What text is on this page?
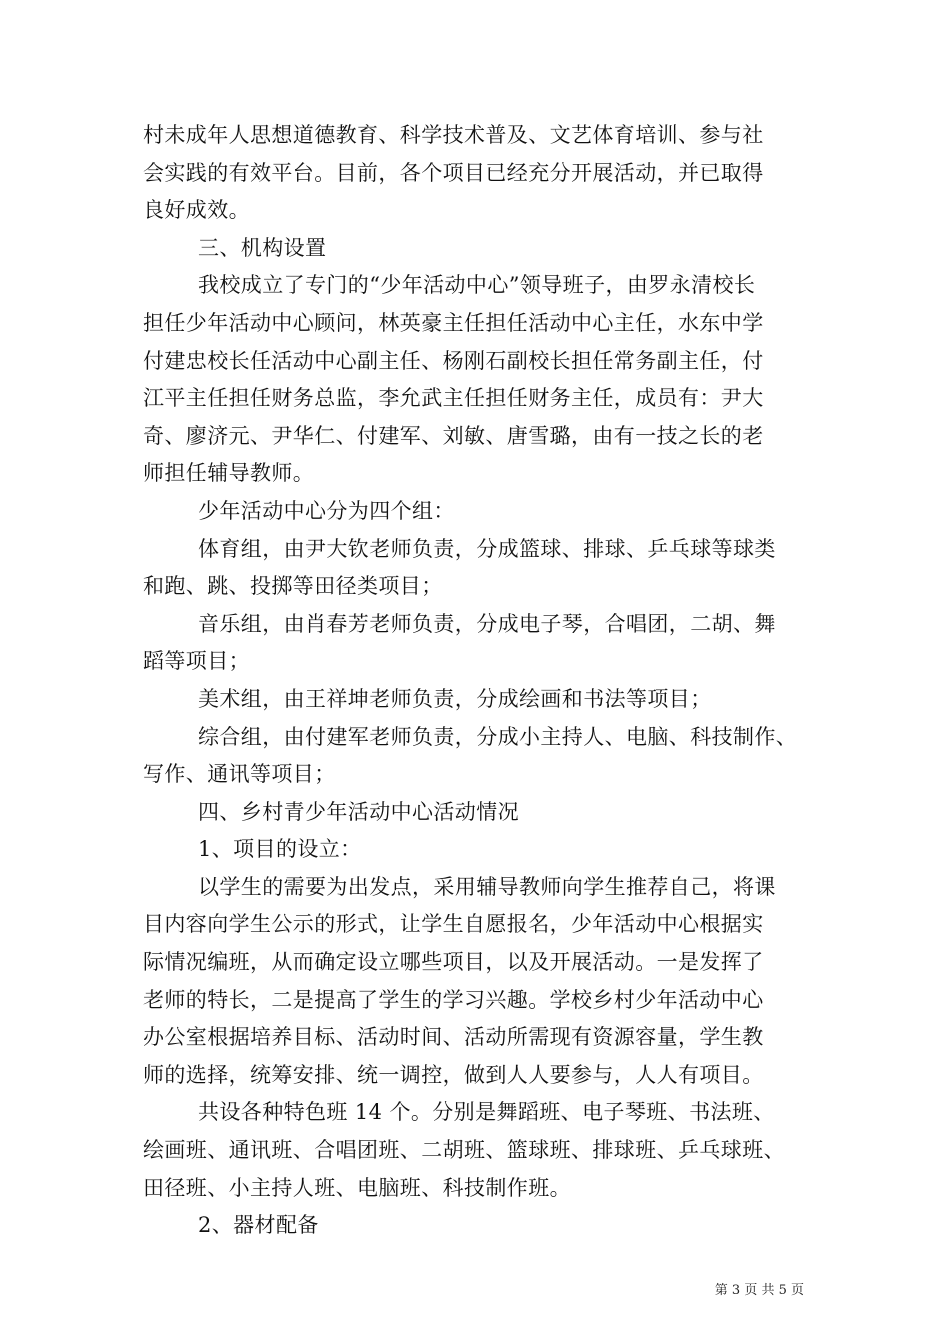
村未成年人思想道德教育、科学技术普及、文艺体育培训、参与社
会实践的有效平台。目前，各个项目已经充分开展活动，并已取得
良好成效。
三、机构设置
我校成立了专门的“少年活动中心”领导班子，由罗永清校长
担任少年活动中心顾问，林英豪主任担任活动中心主任，水东中学
付建忠校长任活动中心副主任、杨刚石副校长担任常务副主任，付
江平主任担任财务总监，李允武主任担任财务主任，成员有：尹大
奇、廖济元、尹华仁、付建军、刘敏、唐雪璐，由有一技之长的老
师担任辅导教师。
少年活动中心分为四个组：
体育组，由尹大钦老师负责，分成篮球、排球、乒乓球等球类
和跑、跳、投掷等田径类项目；
音乐组，由肖春芳老师负责，分成电子琴，合唱团，二胡、舞
蹈等项目；
美术组，由王祥坤老师负责，分成绘画和书法等项目；
综合组，由付建军老师负责，分成小主持人、电脑、科技制作、
写作、通讯等项目；
四、乡村青少年活动中心活动情况
1、项目的设立：
以学生的需要为出发点，采用辅导教师向学生推荐自己，将课
目内容向学生公示的形式，让学生自愿报名，少年活动中心根据实
际情况编班，从而确定设立哪些项目，以及开展活动。一是发挥了
老师的特长，二是提高了学生的学习兴趣。学校乡村少年活动中心
办公室根据培养目标、活动时间、活动所需现有资源容量，学生教
师的选择，统筹安排、统一调控，做到人人要参与，人人有项目。
共设各种特色班 14 个。分别是舞蹈班、电子琴班、书法班、
绘画班、通讯班、合唱团班、二胡班、篮球班、排球班、乒乓球班、
田径班、小主持人班、电脑班、科技制作班。
2、器材配备
第 3 页 共 5 页
